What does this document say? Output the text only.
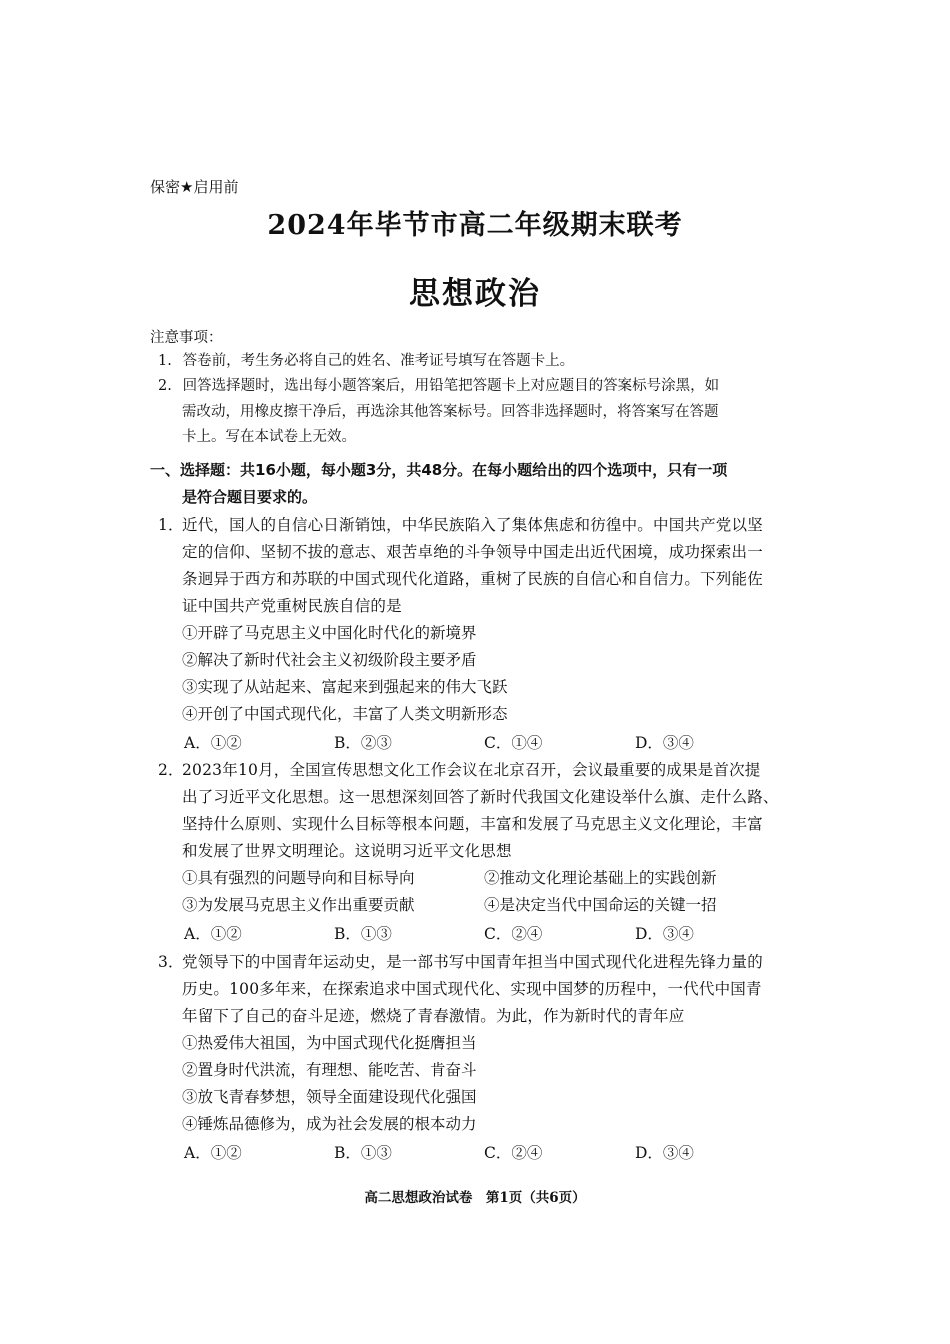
保密★启用前
2024年毕节市高二年级期末联考
思想政治
注意事项：
1. 答卷前，考生务必将自己的姓名、准考证号填写在答题卡上。
2. 回答选择题时，选出每小题答案后，用铅笔把答题卡上对应题目的答案标号涂黑，如
需改动，用橡皮擦干净后，再选涂其他答案标号。回答非选择题时，将答案写在答题
卡上。写在本试卷上无效。
一、选择题：共16小题，每小题3分，共48分。在每小题给出的四个选项中，只有一项
是符合题目要求的。
1．
近代，国人的自信心日渐销蚀，中华民族陷入了集体焦虑和彷徨中。中国共产党以坚
定的信仰、坚韧不拔的意志、艰苦卓绝的斗争领导中国走出近代困境，成功探索出一
条迥异于西方和苏联的中国式现代化道路，重树了民族的自信心和自信力。下列能佐
证中国共产党重树民族自信的是
①开辟了马克思主义中国化时代化的新境界
②解决了新时代社会主义初级阶段主要矛盾
③实现了从站起来、富起来到强起来的伟大飞跃
④开创了中国式现代化，丰富了人类文明新形态
A．①②	B．②③	C．①④	D．③④
2．
2023年10月，全国宣传思想文化工作会议在北京召开，会议最重要的成果是首次提
出了习近平文化思想。这一思想深刻回答了新时代我国文化建设举什么旗、走什么路、
坚持什么原则、实现什么目标等根本问题，丰富和发展了马克思主义文化理论，丰富
和发展了世界文明理论。这说明习近平文化思想
①具有强烈的问题导向和目标导向	②推动文化理论基础上的实践创新
③为发展马克思主义作出重要贡献	④是决定当代中国命运的关键一招
A．①②	B．①③	C．②④	D．③④
3．
党领导下的中国青年运动史，是一部书写中国青年担当中国式现代化进程先锋力量的
历史。100多年来，在探索追求中国式现代化、实现中国梦的历程中，一代代中国青
年留下了自己的奋斗足迹，燃烧了青春激情。为此，作为新时代的青年应
①热爱伟大祖国，为中国式现代化挺膺担当
②置身时代洪流，有理想、能吃苦、肯奋斗
③放飞青春梦想，领导全面建设现代化强国
④锤炼品德修为，成为社会发展的根本动力
A．①②	B．①③	C．②④	D．③④
高二思想政治试卷　第1页（共6页）
